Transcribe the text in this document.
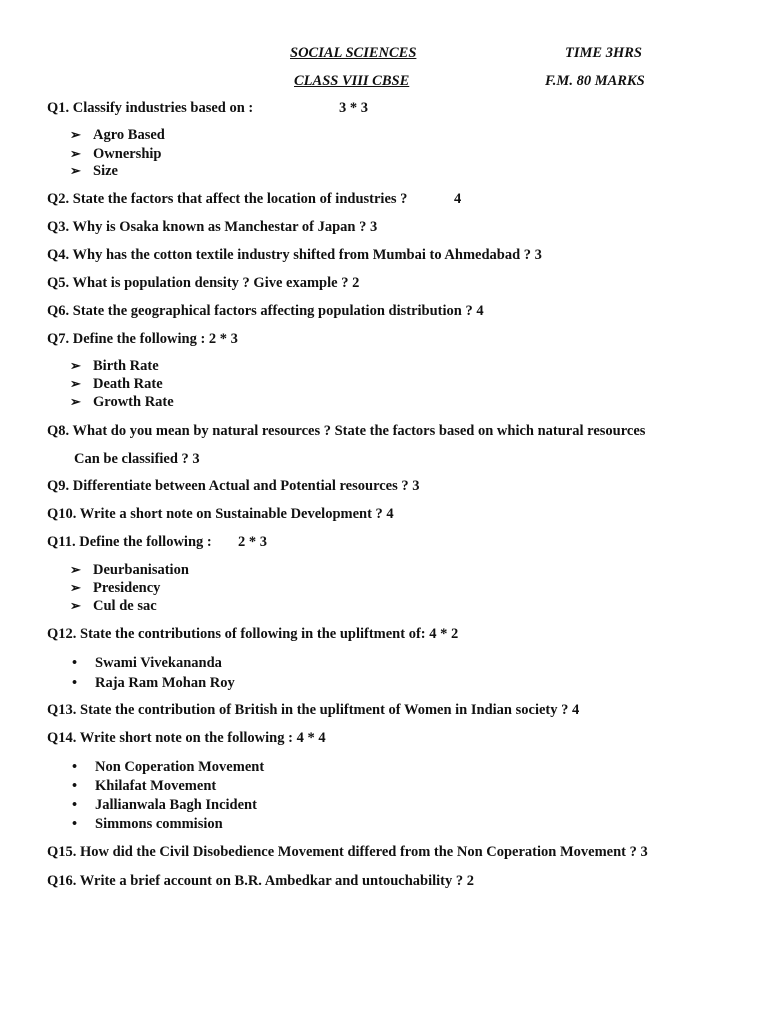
SOCIAL SCIENCES	TIME 3HRS
CLASS VIII CBSE	F.M. 80 MARKS
Q1. Classify industries based on :	3 * 3
➢ Agro Based
➢ Ownership
➢ Size
Q2. State the factors that affect the location of industries ?	4
Q3. Why is Osaka known as Manchestar of Japan ? 3
Q4. Why has the cotton textile industry shifted from Mumbai to Ahmedabad ? 3
Q5. What is population density ? Give example ? 2
Q6. State the geographical factors affecting population distribution ? 4
Q7. Define the following : 2 * 3
➢ Birth Rate
➢ Death Rate
➢ Growth Rate
Q8. What do you mean by natural resources ? State the factors based on which natural resources
Can be classified ? 3
Q9. Differentiate between Actual and Potential resources ? 3
Q10. Write a short note on Sustainable Development ? 4
Q11. Define the following : 2 * 3
➢ Deurbanisation
➢ Presidency
➢ Cul de sac
Q12. State the contributions of following in the upliftment of: 4 * 2
• Swami Vivekananda
• Raja Ram Mohan Roy
Q13. State the contribution of British in the upliftment of Women in Indian society ? 4
Q14. Write short note on the following : 4 * 4
• Non Coperation Movement
• Khilafat Movement
• Jallianwala Bagh Incident
• Simmons commision
Q15. How did the Civil Disobedience Movement differed from the Non Coperation Movement ? 3
Q16. Write a brief account on B.R. Ambedkar and untouchability ? 2
